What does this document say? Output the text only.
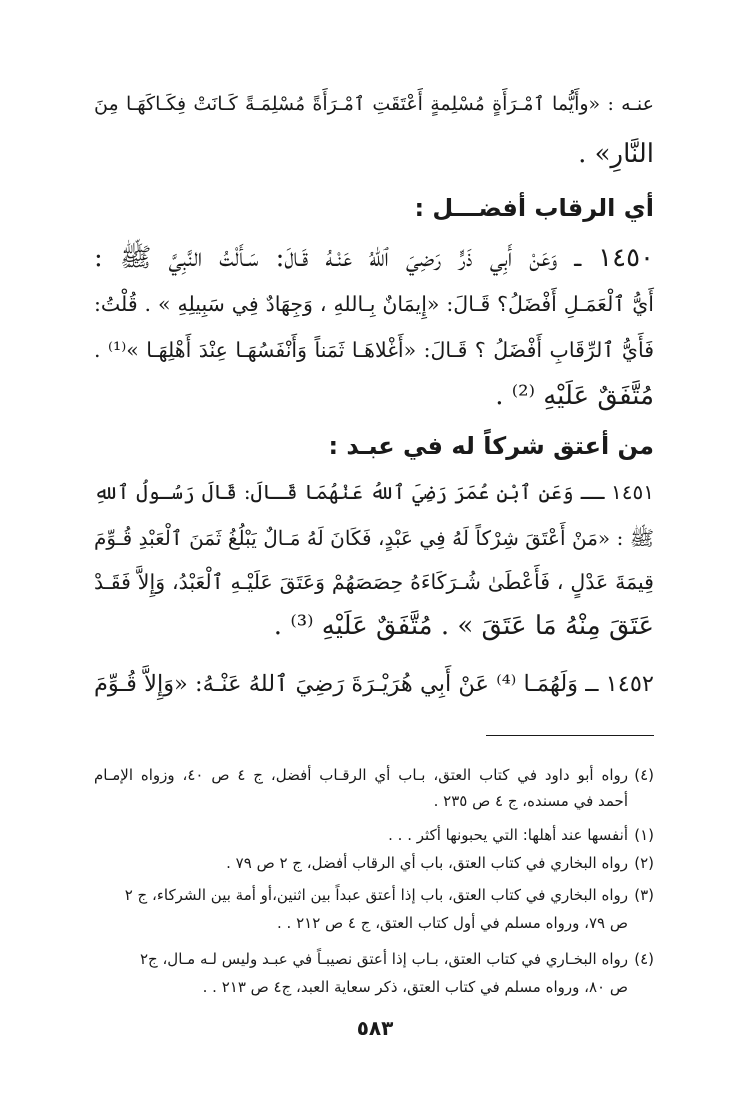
عنـه : «وأَيُّما ٱمْـرَأَةٍ مُسْلِمةٍ أَعْتَقَتِ ٱمْـرَأَةً مُسْلِمَـةً كَـانَتْ فِكَـاكَهَـا مِنَ
النَّارِ» .
أي الرقاب أفضـــل :
١٤٥٠ ــ وَعَنْ أَبِي ذَرٍّ رَضِيَ ٱللهُ عَنْـهُ قَـالَ: سَـأَلْتُ النَّبِيَّ ﷺ :
أَيُّ ٱلْعَمَـلِ أَفْضَلُ؟ قَـالَ: «إِيمَانٌ بِـاللهِ ، وَجِهَادٌ فِي سَبِيلِهِ » . قُلْتُ:
فَأَيُّ ٱلرِّقَابِ أَفْضَلُ ؟ قَـالَ: «أَغْلاهَـا ثَمَناً وَأَنْفَسُهَـا عِنْدَ أَهْلِهَـا »⁽¹⁾ .
مُتَّفَقٌ عَلَيْهِ ⁽²⁾ .
من أعتق شركاً له في عبـد :
١٤٥١ ــ وَعَنِ ٱبْنِ عُمَرَ رَضِيَ ٱللهُ عَنْهُمَا قَـالَ: قَالَ رَسُـولُ ٱللهِ
ﷺ : «مَنْ أَعْتَقَ شِرْكاً لَهُ فِي عَبْدٍ، فَكَانَ لَهُ مَـالٌ يَبْلُغُ ثَمَنَ ٱلْعَبْدِ قُـوِّمَ
قِيمَةَ عَدْلٍ ، فَأَعْطَىٰ شُـرَكَاءَهُ حِصَصَهُمْ وَعَتَقَ عَلَيْـهِ ٱلْعَبْدُ، وَإِلاَّ فَقَـدْ
عَتَقَ مِنْهُ مَا عَتَقَ » . مُتَّفَقٌ عَلَيْهِ ⁽³⁾ .
١٤٥٢ ــ وَلَهُمَـا ⁽⁴⁾ عَنْ أَبِي هُرَيْـرَةَ رَضِيَ ٱللهُ عَنْـهُ: «وَإِلاَّ قُـوِّمَ
(٤)رواه أبو داود في كتاب العتق، بـاب أي الرقـاب أفضل، ج ٤ ص ٤٠، وزواه الإمـام
أحمد في مسنده، ج ٤ ص ٢٣٥ .
(١)أنفسها عند أهلها: التي يحبونها أكثر . . .
(٢)رواه البخاري في كتاب العتق، باب أي الرقاب أفضل، ج ٢ ص ٧٩ .
(٣)رواه البخاري في كتاب العتق، باب إذا أعتق عبداً بين اثنين،أو أمة بين الشركاء، ج ٢
ص ٧٩، ورواه مسلم في أول كتاب العتق، ج ٤ ص ٢١٢ . .
(٤)رواه البخـاري في كتاب العتق، بـاب إذا أعتق نصيبـاً في عبـد وليس لـه مـال، ج٢
ص ٨٠، ورواه مسلم في كتاب العتق، ذكر سعاية العبد، ج٤ ص ٢١٣ . .
٥٨٣
